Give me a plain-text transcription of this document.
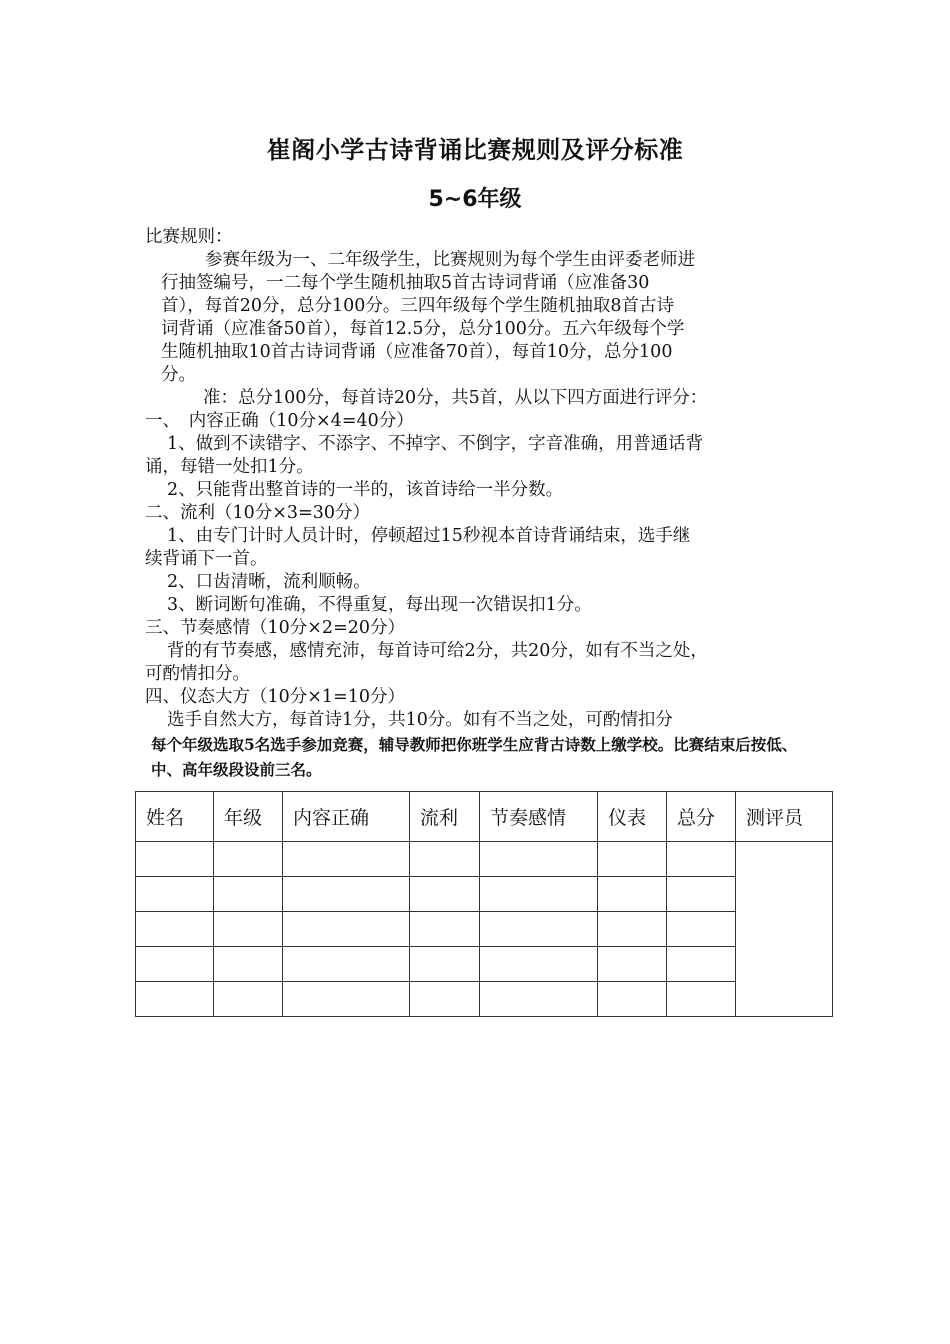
崔阁小学古诗背诵比赛规则及评分标准
5~6年级

比赛规则：

参赛年级为一、二年级学生，比赛规则为每个学生由评委老师进

行抽签编号，一二每个学生随机抽取5首古诗词背诵（应准备30

首），每首20分，总分100分。三四年级每个学生随机抽取8首古诗

词背诵（应准备50首），每首12.5分，总分100分。五六年级每个学

生随机抽取10首古诗词背诵（应准备70首），每首10分，总分100

分。

准：总分100分，每首诗20分，共5首，从以下四方面进行评分：

一、　内容正确（10分×4=40分）

1、做到不读错字、不添字、不掉字、不倒字，字音准确，用普通话背

诵，每错一处扣1分。

2、只能背出整首诗的一半的，该首诗给一半分数。

二、流利（10分×3=30分）

1、由专门计时人员计时，停顿超过15秒视本首诗背诵结束，选手继

续背诵下一首。

2、口齿清晰，流利顺畅。

3、断词断句准确，不得重复，每出现一次错误扣1分。

三、节奏感情（10分×2=20分）

背的有节奏感，感情充沛，每首诗可给2分，共20分，如有不当之处，

可酌情扣分。

四、仪态大方（10分×1=10分）

选手自然大方，每首诗1分，共10分。如有不当之处，可酌情扣分

每个年级选取5名选手参加竞赛，辅导教师把你班学生应背古诗数上缴学校。比赛结束后按低、中、高年级段设前三名。

姓名	年级	内容正确	流利	节奏感情	仪表	总分	测评员
